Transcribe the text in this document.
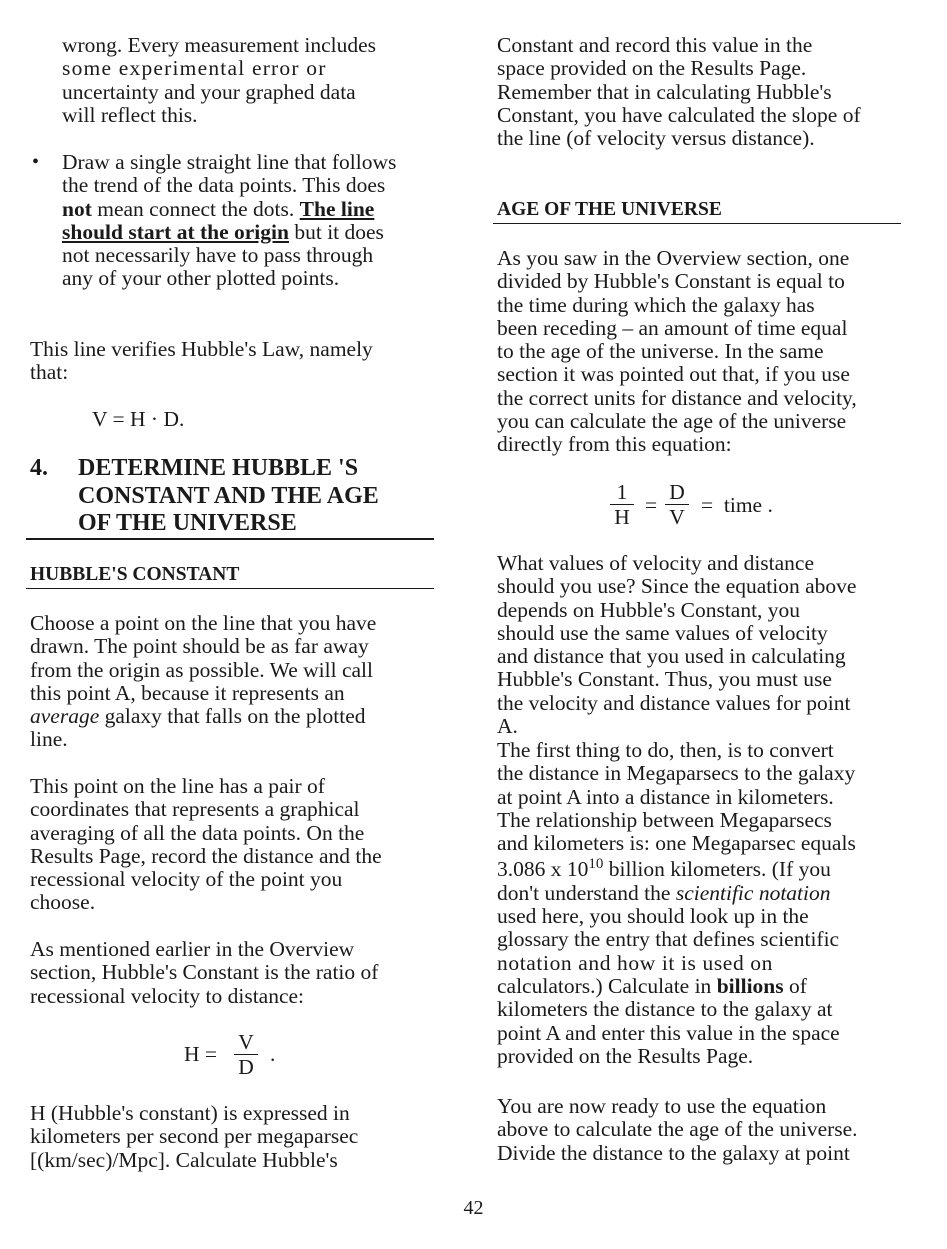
wrong. Every measurement includes

some experimental error or

uncertainty and your graphed data

will reflect this.

• Draw a single straight line that follows

the trend of the data points. This does

not mean connect the dots. The line

should start at the origin but it does

not necessarily have to pass through

any of your other plotted points.

This line verifies Hubble's Law, namely

that:

V = H · D.
4. DETERMINE HUBBLE 'S
CONSTANT AND THE AGE
OF THE UNIVERSE
HUBBLE'S CONSTANT

Choose a point on the line that you have

drawn. The point should be as far away

from the origin as possible. We will call

this point A, because it represents an

average galaxy that falls on the plotted

line.

This point on the line has a pair of

coordinates that represents a graphical

averaging of all the data points. On the

Results Page, record the distance and the

recessional velocity of the point you

choose.

As mentioned earlier in the Overview

section, Hubble's Constant is the ratio of

recessional velocity to distance:

H = V
D
.

H (Hubble's constant) is expressed in

kilometers per second per megaparsec

[(km/sec)/Mpc]. Calculate Hubble's

Constant and record this value in the

space provided on the Results Page.

Remember that in calculating Hubble's

Constant, you have calculated the slope of

the line (of velocity versus distance).

AGE OF THE UNIVERSE

As you saw in the Overview section, one

divided by Hubble's Constant is equal to

the time during which the galaxy has

been receding – an amount of time equal

to the age of the universe. In the same

section it was pointed out that, if you use

the correct units for distance and velocity,

you can calculate the age of the universe

directly from this equation:

1
H =
D
V =  time .

What values of velocity and distance

should you use? Since the equation above

depends on Hubble's Constant, you

should use the same values of velocity

and distance that you used in calculating

Hubble's Constant. Thus, you must use

the velocity and distance values for point

A.

The first thing to do, then, is to convert

the distance in Megaparsecs to the galaxy

at point A into a distance in kilometers.

The relationship between Megaparsecs

and kilometers is: one Megaparsec equals

3.086 x $10^{10}$ billion kilometers. (If you

don't understand the scientific notation

used here, you should look up in the

glossary the entry that defines scientific

notation and how it is used on

calculators.) Calculate in billions of

kilometers the distance to the galaxy at

point A and enter this value in the space

provided on the Results Page.

You are now ready to use the equation

above to calculate the age of the universe.

Divide the distance to the galaxy at point

42
